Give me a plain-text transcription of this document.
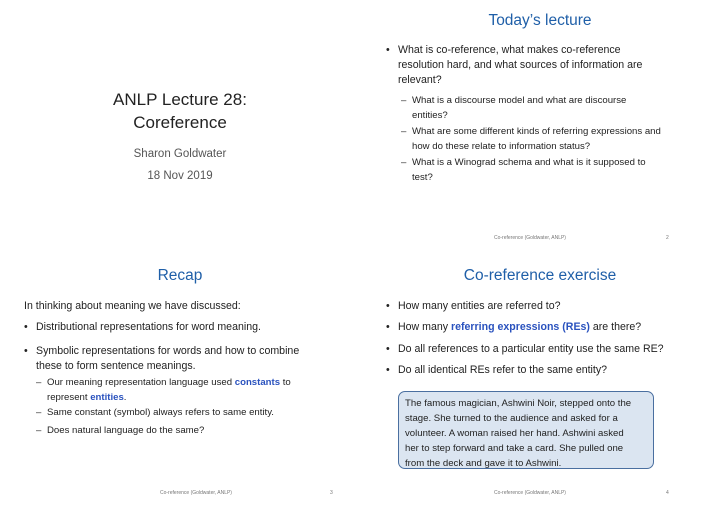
ANLP Lecture 28:
Coreference
Sharon Goldwater
18 Nov 2019
Today’s lecture
• What is co-reference, what makes co-reference
resolution hard, and what sources of information are
relevant?
– What is a discourse model and what are discourse
entities?
– What are some different kinds of referring expressions and
how do these relate to information status?
– What is a Winograd schema and what is it supposed to
test?
Co-reference (Goldwater, ANLP)	2
Recap
In thinking about meaning we have discussed:
• Distributional representations for word meaning.
• Symbolic representations for words and how to combine
these to form sentence meanings.
– Our meaning representation language used constants to
represent entities.
– Same constant (symbol) always refers to same entity.
– Does natural language do the same?
Co-reference (Goldwater, ANLP)	3
Co-reference exercise
• How many entities are referred to?
• How many referring expressions (REs) are there?
• Do all references to a particular entity use the same RE?
• Do all identical REs refer to the same entity?
The famous magician, Ashwini Noir, stepped onto the
stage. She turned to the audience and asked for a
volunteer. A woman raised her hand. Ashwini asked
her to step forward and take a card. She pulled one
from the deck and gave it to Ashwini.
Co-reference (Goldwater, ANLP)	4
